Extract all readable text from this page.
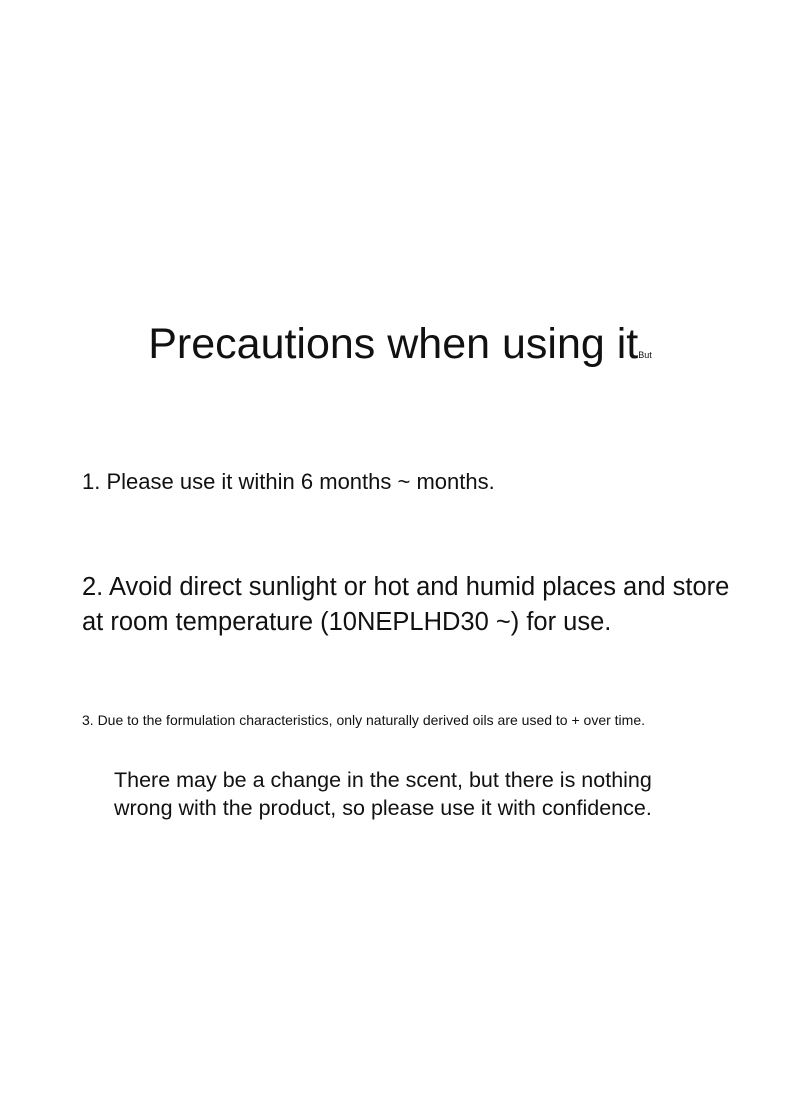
Precautions when using itBut

1. Please use it within 6 months ~ months.

2. Avoid direct sunlight or hot and humid places and store at room temperature (10NEPLHD30 ~) for use.

3. Due to the formulation characteristics, only naturally derived oils are used to + over time.

There may be a change in the scent, but there is nothing wrong with the product, so please use it with confidence.
